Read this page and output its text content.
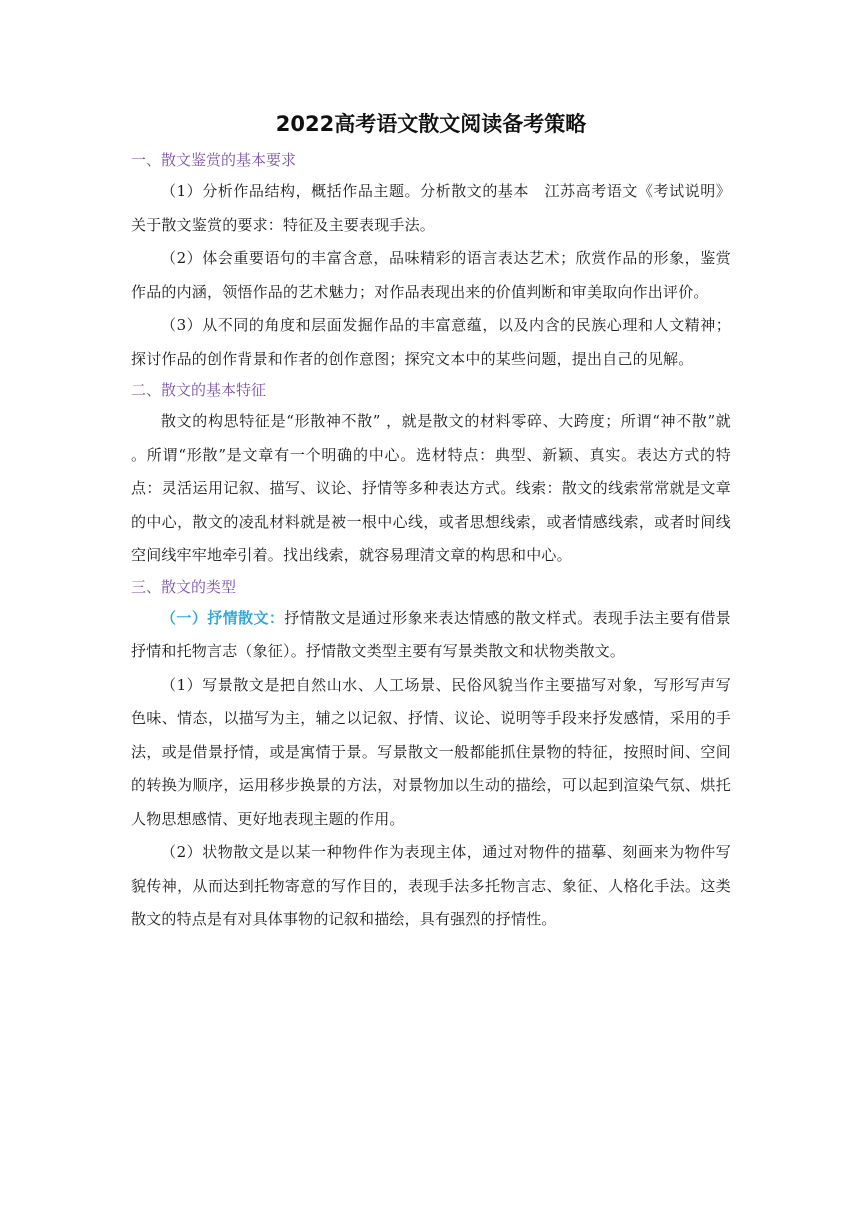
2022高考语文散文阅读备考策略

一、散文鉴赏的基本要求

（1）分析作品结构，概括作品主题。分析散文的基本　江苏高考语文《考试说明》关于散文鉴赏的要求：特征及主要表现手法。

（2）体会重要语句的丰富含意，品味精彩的语言表达艺术；欣赏作品的形象，鉴赏作品的内涵，领悟作品的艺术魅力；对作品表现出来的价值判断和审美取向作出评价。

（3）从不同的角度和层面发掘作品的丰富意蕴，以及内含的民族心理和人文精神；探讨作品的创作背景和作者的创作意图；探究文本中的某些问题，提出自己的见解。

二、散文的基本特征

散文的构思特征是“形散神不散” ，就是散文的材料零碎、大跨度；所谓“神不散”就 。所谓“形散”是文章有一个明确的中心。选材特点：典型、新颖、真实。表达方式的特点：灵活运用记叙、描写、议论、抒情等多种表达方式。线索：散文的线索常常就是文章的中心，散文的凌乱材料就是被一根中心线，或者思想线索，或者情感线索，或者时间线空间线牢牢地牵引着。找出线索，就容易理清文章的构思和中心。

三、散文的类型

（一）抒情散文：抒情散文是通过形象来表达情感的散文样式。表现手法主要有借景抒情和托物言志（象征）。抒情散文类型主要有写景类散文和状物类散文。

（1）写景散文是把自然山水、人工场景、民俗风貌当作主要描写对象，写形写声写色味、情态，以描写为主，辅之以记叙、抒情、议论、说明等手段来抒发感情，采用的手法，或是借景抒情，或是寓情于景。写景散文一般都能抓住景物的特征，按照时间、空间的转换为顺序，运用移步换景的方法，对景物加以生动的描绘，可以起到渲染气氛、烘托人物思想感情、更好地表现主题的作用。

（2）状物散文是以某一种物件作为表现主体，通过对物件的描摹、刻画来为物件写貌传神，从而达到托物寄意的写作目的，表现手法多托物言志、象征、人格化手法。这类散文的特点是有对具体事物的记叙和描绘，具有强烈的抒情性。
